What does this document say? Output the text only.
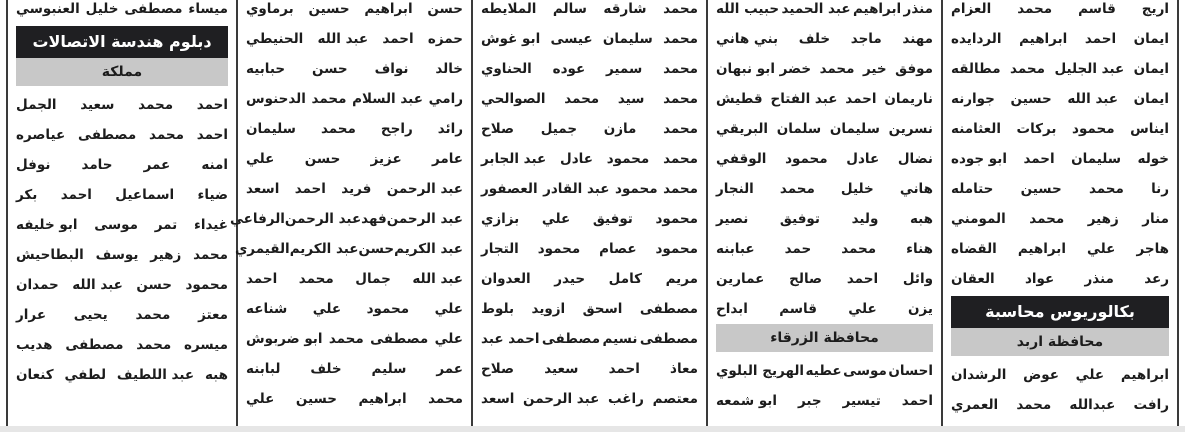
ميساء
مصطفى
خليل
العنبوسي
دبلوم هندسة الاتصالات
مملكة
احمد
محمد
سعيد
الجمل
احمد
محمد
مصطفى
عياصره
امنه
عمر
حامد
نوفل
ضياء
اسماعيل
احمد
بكر
غيداء
تمر
موسى
ابو خليفه
محمد
زهير
يوسف
البطاحيش
محمود
حسن
عبد الله
حمدان
معتز
محمد
يحيى
عرار
ميسره
محمد
مصطفى
هديب
هبه
عبد اللطيف
لطفي
كنعان
حسن
ابراهيم
حسين
برماوي
حمزه
احمد
عبد الله
الحنيطي
خالد
نواف
حسن
حبابيه
رامي
عبد السلام
محمد
الدحنوس
رائد
راجح
محمد
سليمان
عامر
عزيز
حسن
علي
عبد الرحمن
فريد
احمد
اسعد
عبد الرحمن
فهد
عبد الرحمن
الرفاعي
عبد الكريم
حسن
عبد الكريم
القيمري
عبد الله
جمال
محمد
احمد
علي
محمود
علي
شناعه
علي
مصطفى
محمد
ابو ضربوش
عمر
سليم
خلف
لبابنه
محمد
ابراهيم
حسين
علي
محمد
شارقه
سالم
الملايطه
محمد
سليمان
عيسى
ابو غوش
محمد
سمير
عوده
الحناوي
محمد
سيد
محمد
الصوالحي
محمد
مازن
جميل
صلاح
محمد
محمود
عادل
عبد الجابر
محمد
محمود
عبد القادر
العصفور
محمود
توفيق
علي
بزازي
محمود
عصام
محمود
التجار
مريم
كامل
حيدر
العدوان
مصطفى
اسحق
ازويد
بلوط
مصطفى
نسيم
مصطفى
احمد عبد
معاذ
احمد
سعيد
صلاح
معتصم
راغب
عبد الرحمن
اسعد
منذر
ابراهيم
عبد الحميد
حبيب الله
مهند
ماجد
خلف
بني هاني
موفق
خير
محمد
خضر ابو نبهان
ناريمان
احمد
عبد الفتاح
قطيش
نسرين
سليمان
سلمان
البريقي
نضال
عادل
محمود
الوقفي
هاني
خليل
محمد
النجار
هبه
وليد
توفيق
نصير
هناء
محمد
حمد
عبابنه
وائل
احمد
صالح
عمارين
يزن
علي
قاسم
ابداح
محافظة الزرقاء
احسان
موسى
عطيه
الهريج البلوي
احمد
تيسير
جبر
ابو شمعه
اريج
قاسم
محمد
العزام
ايمان
احمد
ابراهيم
الردايده
ايمان
عبد الجليل
محمد
مطالقه
ايمان
عبد الله
حسين
جوارنه
ايناس
محمود
بركات
العثامنه
خوله
سليمان
احمد
ابو جوده
رنا
محمد
حسين
حتامله
منار
زهير
محمد
المومني
هاجر
علي
ابراهيم
القضاه
رعد
منذر
عواد
العقان
بكالوريوس محاسبة
محافظة اربد
ابراهيم
علي
عوض
الرشدان
رافت
عبدالله
محمد
العمري
